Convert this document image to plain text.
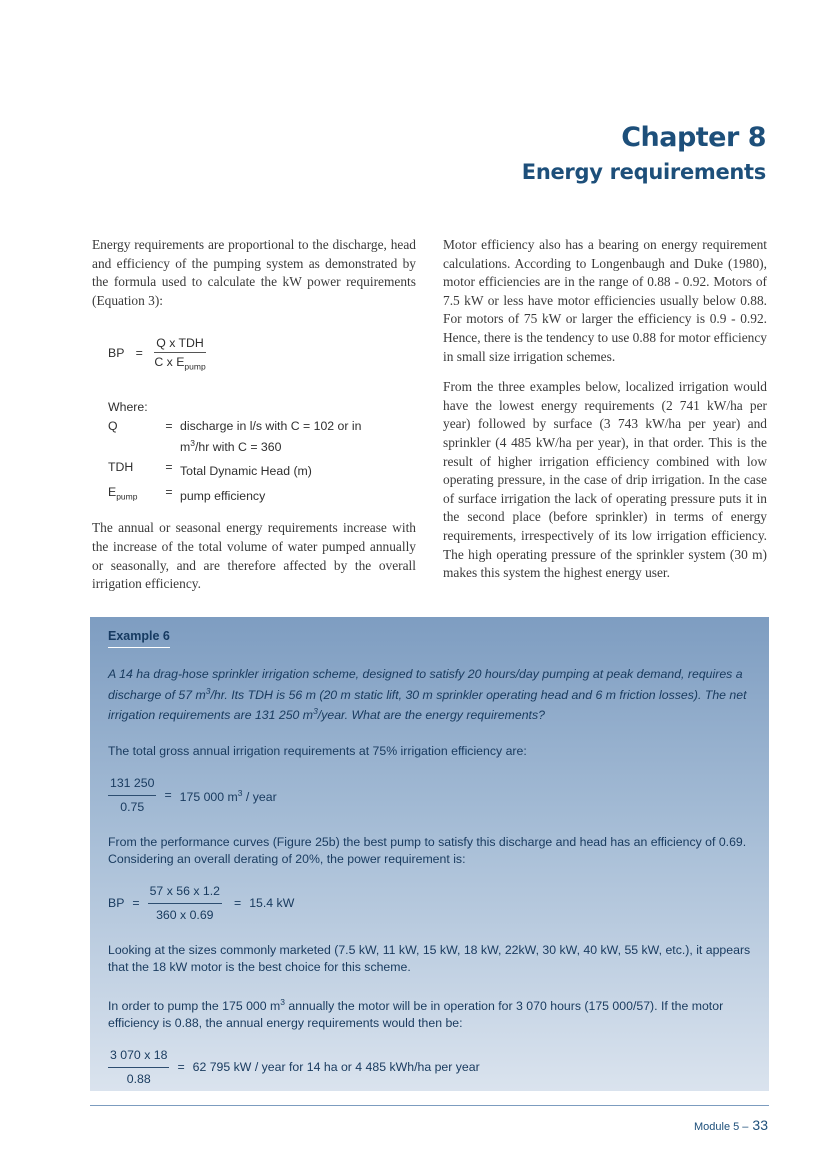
Chapter 8
Energy requirements

Energy requirements are proportional to the discharge, head and efficiency of the pumping system as demonstrated by the formula used to calculate the kW power requirements (Equation 3):

BP = $\frac{\text{Q x TDH}}{C x E_{pump}}$
Where:
Q	= discharge in l/s with C = 102 or in $m^3/hr$ with C = 360
TDH	= Total Dynamic Head (m)
$E_{pump}$	= pump efficiency

The annual or seasonal energy requirements increase with the increase of the total volume of water pumped annually or seasonally, and are therefore affected by the overall irrigation efficiency.

Motor efficiency also has a bearing on energy requirement calculations. According to Longenbaugh and Duke (1980), motor efficiencies are in the range of 0.88 - 0.92. Motors of 7.5 kW or less have motor efficiencies usually below 0.88. For motors of 75 kW or larger the efficiency is 0.9 - 0.92. Hence, there is the tendency to use 0.88 for motor efficiency in small size irrigation schemes.

From the three examples below, localized irrigation would have the lowest energy requirements (2 741 kW/ha per year) followed by surface (3 743 kW/ha per year) and sprinkler (4 485 kW/ha per year), in that order. This is the result of higher irrigation efficiency combined with low operating pressure, in the case of drip irrigation. In the case of surface irrigation the lack of operating pressure puts it in the second place (before sprinkler) in terms of energy requirements, irrespectively of its low irrigation efficiency. The high operating pressure of the sprinkler system (30 m) makes this system the highest energy user.

Example 6
A 14 ha drag-hose sprinkler irrigation scheme, designed to satisfy 20 hours/day pumping at peak demand, requires a discharge of 57 $m^3/hr$. Its TDH is 56 m (20 m static lift, 30 m sprinkler operating head and 6 m friction losses). The net irrigation requirements are 131 250 $m^3$/year. What are the energy requirements?
The total gross annual irrigation requirements at 75% irrigation efficiency are:
$\frac{131 250}{0.75} = 175$ 000 $m^3$ / year
From the performance curves (Figure 25b) the best pump to satisfy this discharge and head has an efficiency of 0.69. Considering an overall derating of 20%, the power requirement is:
BP = $\frac{57 x 56 x 1.2}{360 x 0.69} = 15.4$ kW
Looking at the sizes commonly marketed (7.5 kW, 11 kW, 15 kW, 18 kW, 22kW, 30 kW, 40 kW, 55 kW, etc.), it appears that the 18 kW motor is the best choice for this scheme.
In order to pump the 175 000 $m^3$ annually the motor will be in operation for 3 070 hours (175 000/57). If the motor efficiency is 0.88, the annual energy requirements would then be:
$\frac{3 070 x 18}{0.88} = 62$ 795 kW / year for 14 ha or 4 485 kWh/ha per year
Module 5 – 33
